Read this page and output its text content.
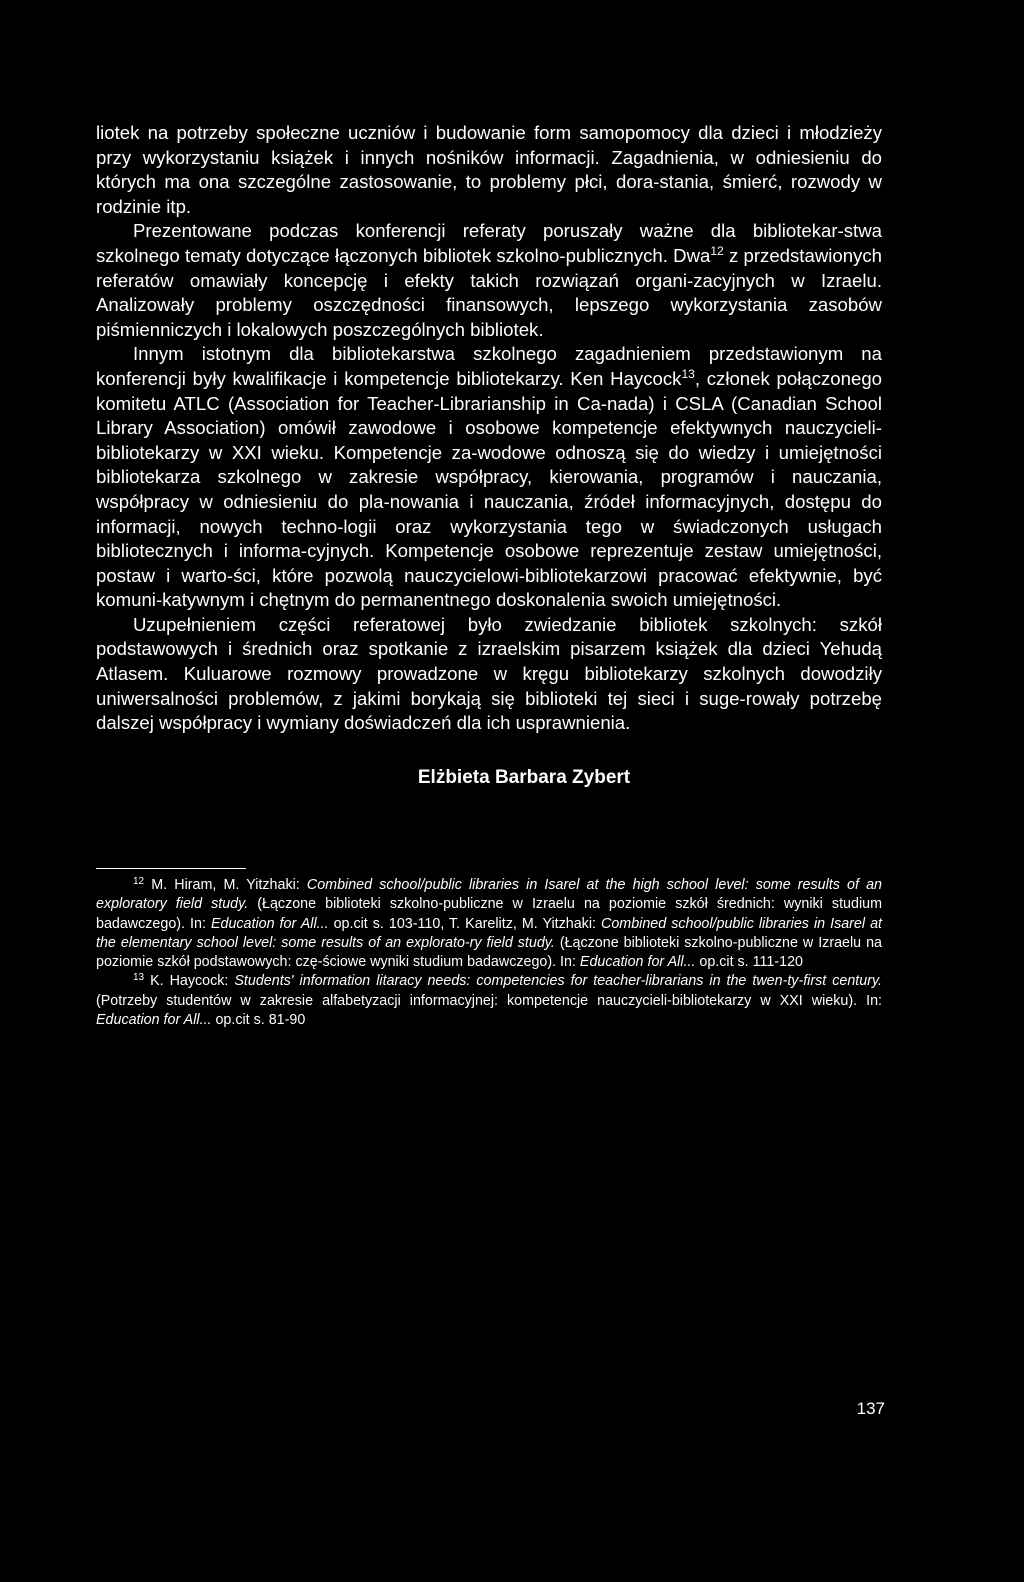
liotek na potrzeby społeczne uczniów i budowanie form samopomocy dla dzieci i młodzieży przy wykorzystaniu książek i innych nośników informacji. Zagadnienia, w odniesieniu do których ma ona szczególne zastosowanie, to problemy płci, dora-stania, śmierć, rozwody w rodzinie itp.

Prezentowane podczas konferencji referaty poruszały ważne dla bibliotekar-stwa szkolnego tematy dotyczące łączonych bibliotek szkolno-publicznych. Dwa$^{12}$ z przedstawionych referatów omawiały koncepcję i efekty takich rozwiązań organi-zacyjnych w Izraelu. Analizowały problemy oszczędności finansowych, lepszego wykorzystania zasobów piśmienniczych i lokalowych poszczególnych bibliotek.

Innym istotnym dla bibliotekarstwa szkolnego zagadnieniem przedstawionym na konferencji były kwalifikacje i kompetencje bibliotekarzy. Ken Haycock$^{13}$, członek połączonego komitetu ATLC (Association for Teacher-Librarianship in Ca-nada) i CSLA (Canadian School Library Association) omówił zawodowe i osobowe kompetencje efektywnych nauczycieli-bibliotekarzy w XXI wieku. Kompetencje za-wodowe odnoszą się do wiedzy i umiejętności bibliotekarza szkolnego w zakresie współpracy, kierowania, programów i nauczania, współpracy w odniesieniu do pla-nowania i nauczania, źródeł informacyjnych, dostępu do informacji, nowych techno-logii oraz wykorzystania tego w świadczonych usługach bibliotecznych i informa-cyjnych. Kompetencje osobowe reprezentuje zestaw umiejętności, postaw i warto-ści, które pozwolą nauczycielowi-bibliotekarzowi pracować efektywnie, być komuni-katywnym i chętnym do permanentnego doskonalenia swoich umiejętności.

Uzupełnieniem części referatowej było zwiedzanie bibliotek szkolnych: szkół podstawowych i średnich oraz spotkanie z izraelskim pisarzem książek dla dzieci Yehudą Atlasem. Kuluarowe rozmowy prowadzone w kręgu bibliotekarzy szkolnych dowodziły uniwersalności problemów, z jakimi borykają się biblioteki tej sieci i suge-rowały potrzebę dalszej współpracy i wymiany doświadczeń dla ich usprawnienia.

Elżbieta Barbara Zybert

$^{12}$ M. Hiram, M. Yitzhaki: Combined school/public libraries in Isarel at the high school level: some results of an exploratory field study. (Łączone biblioteki szkolno-publiczne w Izraelu na poziomie szkół średnich: wyniki studium badawczego). In: Education for All... op.cit s. 103-110, T. Karelitz, M. Yitzhaki: Combined school/public libraries in Isarel at the elementary school level: some results of an explorato-ry field study. (Łączone biblioteki szkolno-publiczne w Izraelu na poziomie szkół podstawowych: czę-ściowe wyniki studium badawczego). In: Education for All... op.cit s. 111-120

$^{13}$ K. Haycock: Students' information litaracy needs: competencies for teacher-librarians in the twen-ty-first century. (Potrzeby studentów w zakresie alfabetyzacji informacyjnej: kompetencje nauczycieli-bibliotekarzy w XXI wieku). In: Education for All... op.cit s. 81-90

137
